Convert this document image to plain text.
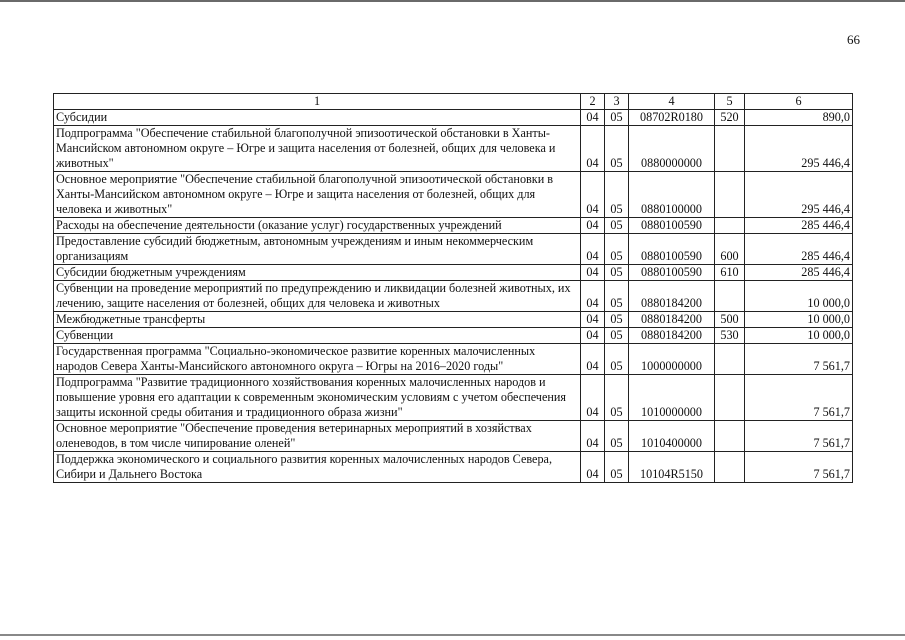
66
1	2	3	4	5	6
Субсидии	04	05	08702R0180	520	890,0
Подпрограмма "Обеспечение стабильной благополучной эпизоотической обстановки в Ханты-Мансийском автономном округе – Югре и защита населения от болезней, общих для человека и животных"	04	05	0880000000		295 446,4
Основное мероприятие "Обеспечение стабильной благополучной эпизоотической обстановки в Ханты-Мансийском автономном округе – Югре и защита населения от болезней, общих для человека и животных"	04	05	0880100000		295 446,4
Расходы на обеспечение деятельности (оказание услуг) государственных учреждений	04	05	0880100590		285 446,4
Предоставление субсидий бюджетным, автономным учреждениям и иным некоммерческим организациям	04	05	0880100590	600	285 446,4
Субсидии бюджетным учреждениям	04	05	0880100590	610	285 446,4
Субвенции на проведение мероприятий по предупреждению и ликвидации болезней животных, их лечению, защите населения от болезней, общих для человека и животных	04	05	0880184200		10 000,0
Межбюджетные трансферты	04	05	0880184200	500	10 000,0
Субвенции	04	05	0880184200	530	10 000,0
Государственная программа "Социально-экономическое развитие коренных малочисленных народов Севера Ханты-Мансийского автономного округа – Югры на 2016–2020 годы"	04	05	1000000000		7 561,7
Подпрограмма "Развитие традиционного хозяйствования коренных малочисленных народов и повышение уровня его адаптации к современным экономическим условиям с учетом обеспечения защиты исконной среды обитания и традиционного образа жизни"	04	05	1010000000		7 561,7
Основное мероприятие "Обеспечение проведения ветеринарных мероприятий в хозяйствах оленеводов, в том числе чипирование оленей"	04	05	1010400000		7 561,7
Поддержка экономического и социального развития коренных малочисленных народов Севера, Сибири и Дальнего Востока	04	05	10104R5150		7 561,7
